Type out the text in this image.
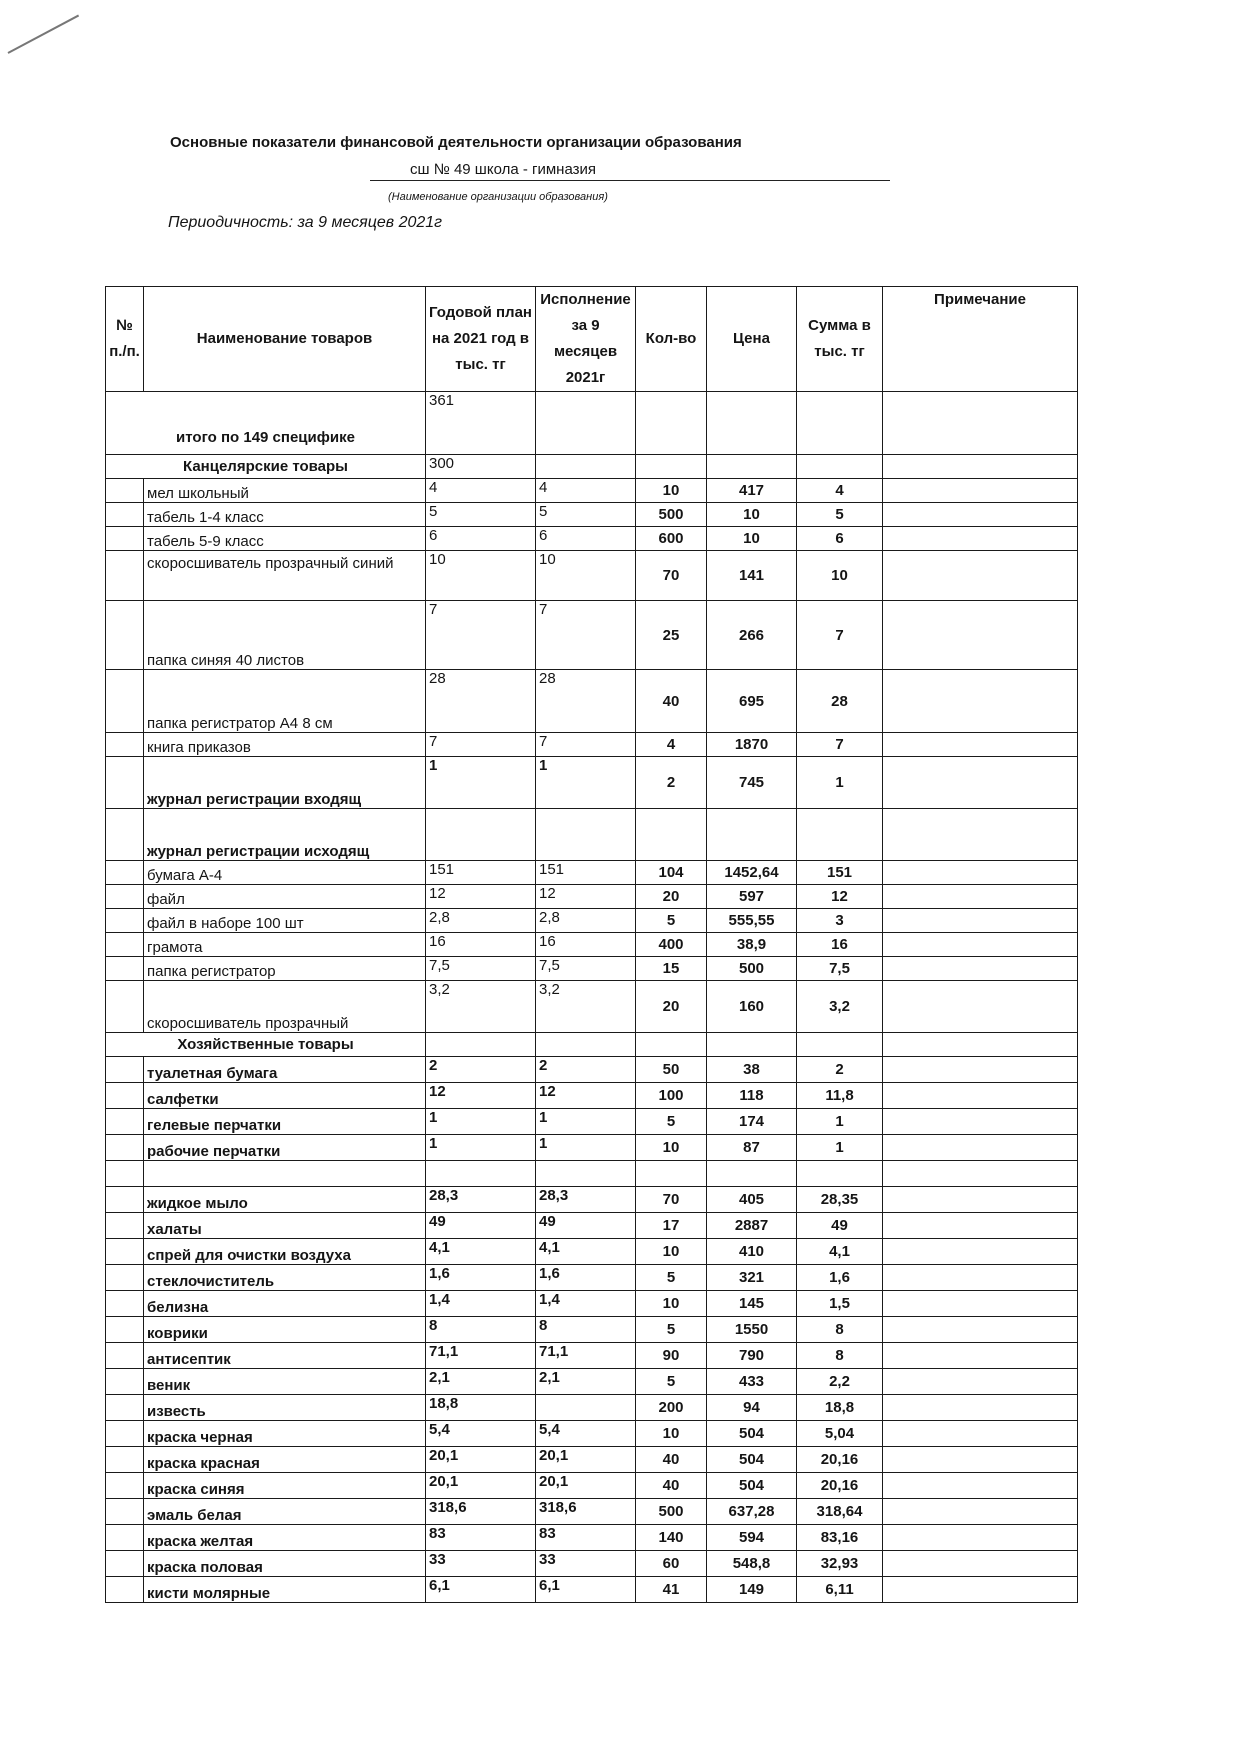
Основные показатели финансовой деятельности организации образования
сш № 49 школа - гимназия
(Наименование организации образования)
Периодичность: за 9 месяцев 2021г
№ п./п.	Наименование товаров	Годовой план на 2021 год в тыс. тг	Исполнение за 9 месяцев 2021г	Кол-во	Цена	Сумма в тыс. тг	Примечание
итого по 149 специфике		361					
Канцелярские товары		300					
	мел школьный	4	4	10	417	4	
	табель 1-4 класс	5	5	500	10	5	
	табель 5-9 класс	6	6	600	10	6	
	скоросшиватель прозрачный синий	10	10	70	141	10	
	папка синяя 40 листов	7	7	25	266	7	
	папка регистратор А4 8 см	28	28	40	695	28	
	книга приказов	7	7	4	1870	7	
	журнал регистрации входящ	1	1	2	745	1	
	журнал регистрации исходящ						
	бумага А-4	151	151	104	1452,64	151	
	файл	12	12	20	597	12	
	файл в наборе 100 шт	2,8	2,8	5	555,55	3	
	грамота	16	16	400	38,9	16	
	папка регистратор	7,5	7,5	15	500	7,5	
	скоросшиватель прозрачный	3,2	3,2	20	160	3,2	
Хозяйственные товары							
	туалетная бумага	2	2	50	38	2	
	салфетки	12	12	100	118	11,8	
	гелевые перчатки	1	1	5	174	1	
	рабочие перчатки	1	1	10	87	1	

	жидкое мыло	28,3	28,3	70	405	28,35	
	халаты	49	49	17	2887	49	
	спрей для очистки воздуха	4,1	4,1	10	410	4,1	
	стеклочиститель	1,6	1,6	5	321	1,6	
	белизна	1,4	1,4	10	145	1,5	
	коврики	8	8	5	1550	8	
	антисептик	71,1	71,1	90	790	8	
	веник	2,1	2,1	5	433	2,2	
	известь	18,8		200	94	18,8	
	краска черная	5,4	5,4	10	504	5,04	
	краска красная	20,1	20,1	40	504	20,16	
	краска синяя	20,1	20,1	40	504	20,16	
	эмаль белая	318,6	318,6	500	637,28	318,64	
	краска желтая	83	83	140	594	83,16	
	краска половая	33	33	60	548,8	32,93	
	кисти молярные	6,1	6,1	41	149	6,11	
